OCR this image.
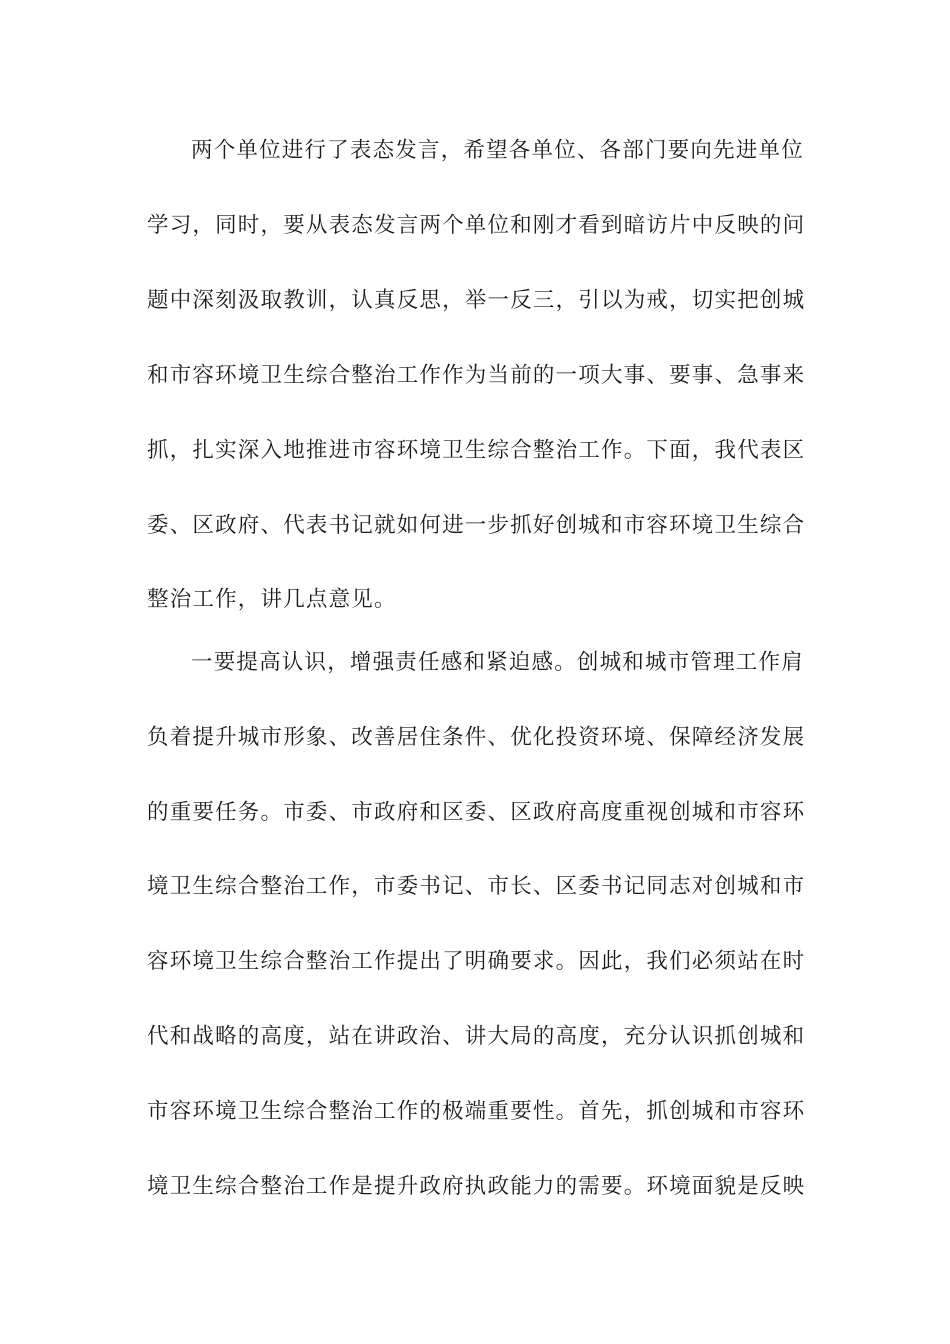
两个单位进行了表态发言，希望各单位、各部门要向先进单位
学习，同时，要从表态发言两个单位和刚才看到暗访片中反映的问
题中深刻汲取教训，认真反思，举一反三，引以为戒，切实把创城
和市容环境卫生综合整治工作作为当前的一项大事、要事、急事来
抓，扎实深入地推进市容环境卫生综合整治工作。下面，我代表区
委、区政府、代表书记就如何进一步抓好创城和市容环境卫生综合
整治工作，讲几点意见。
一要提高认识，增强责任感和紧迫感。创城和城市管理工作肩
负着提升城市形象、改善居住条件、优化投资环境、保障经济发展
的重要任务。市委、市政府和区委、区政府高度重视创城和市容环
境卫生综合整治工作，市委书记、市长、区委书记同志对创城和市
容环境卫生综合整治工作提出了明确要求。因此，我们必须站在时
代和战略的高度，站在讲政治、讲大局的高度，充分认识抓创城和
市容环境卫生综合整治工作的极端重要性。首先，抓创城和市容环
境卫生综合整治工作是提升政府执政能力的需要。环境面貌是反映
